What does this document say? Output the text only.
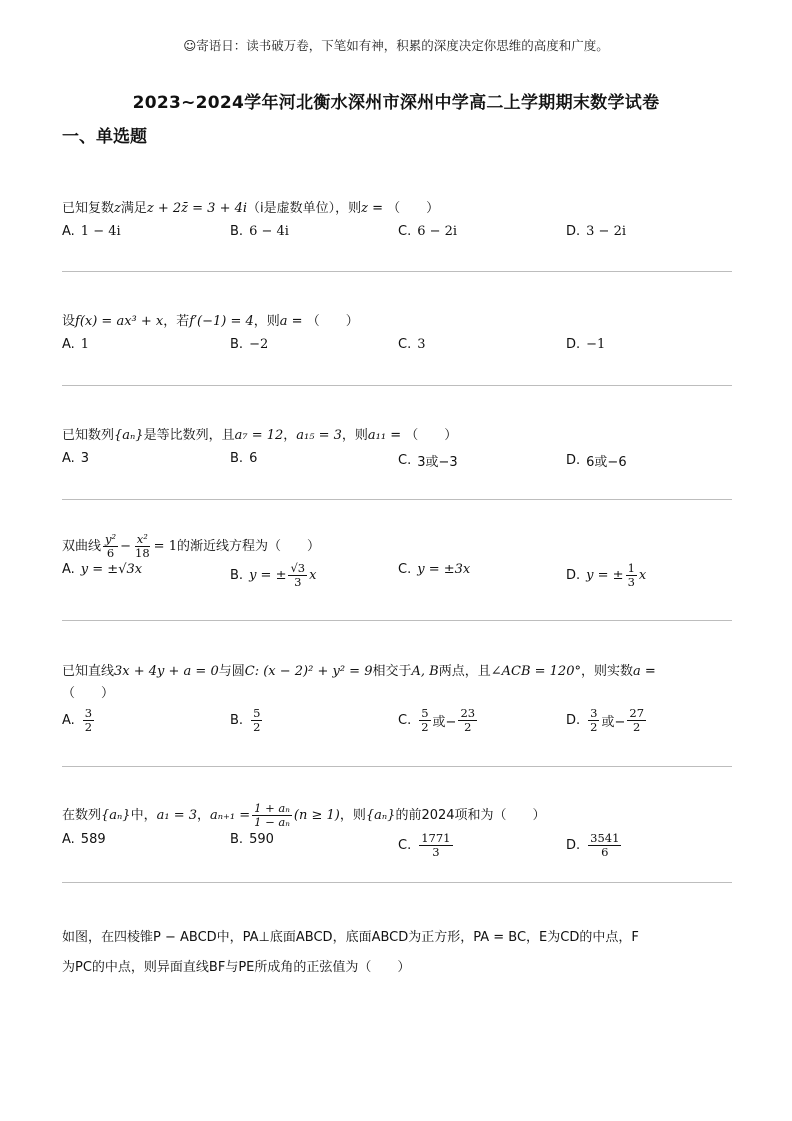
☺寄语日：读书破万卷，下笔如有神，积累的深度决定你思维的高度和广度。
2023~2024学年河北衡水深州市深州中学高二上学期期末数学试卷
一、单选题
已知复数z满足z + 2z̄ = 3 + 4i（i是虚数单位），则z = （　　）
A. 1 − 4i	B. 6 − 4i	C. 6 − 2i	D. 3 − 2i
设f(x) = ax³ + x，若f′(−1) = 4，则a = （　　）
A. 1	B. −2	C. 3	D. −1
已知数列{aₙ}是等比数列，且a₇ = 12，a₁₅ = 3，则a₁₁ = （　　）
A. 3	B. 6	C. 3或−3	D. 6或−6
双曲线 $\frac{\text{y²}}{6} - \frac{\text{x²}}{18} = 1$的渐近线方程为（　　）
A. y = ±√3x	B. y = ± $\frac{√3}{3}$ x	C. y = ±3x	D. y = ± $\frac{1}{3}$ x
已知直线3x + 4y + a = 0与圆C: (x − 2)² + y² = 9相交于A, B两点，且∠ACB = 120°，则实数a =
（　　）
A. $\frac{3}{2}$	B. $\frac{5}{2}$	C. $\frac{5}{2}$ 或− $\frac{23}{2}$	D. $\frac{3}{2}$ 或− $\frac{27}{2}$
在数列{aₙ}中，a₁ = 3，$a_{n+1} = \frac{\text{1 + aₙ}}{\text{1 − aₙ}} (n \ge 1)$，则{aₙ}的前2024项和为（　　）
A. 589	B. 590	C. $\frac{1771}{3}$	D. $\frac{3541}{6}$
如图，在四棱锥P − ABCD中，PA⊥底面ABCD，底面ABCD为正方形，PA = BC，E为CD的中点，F
为PC的中点，则异面直线BF与PE所成角的正弦值为（　　）
